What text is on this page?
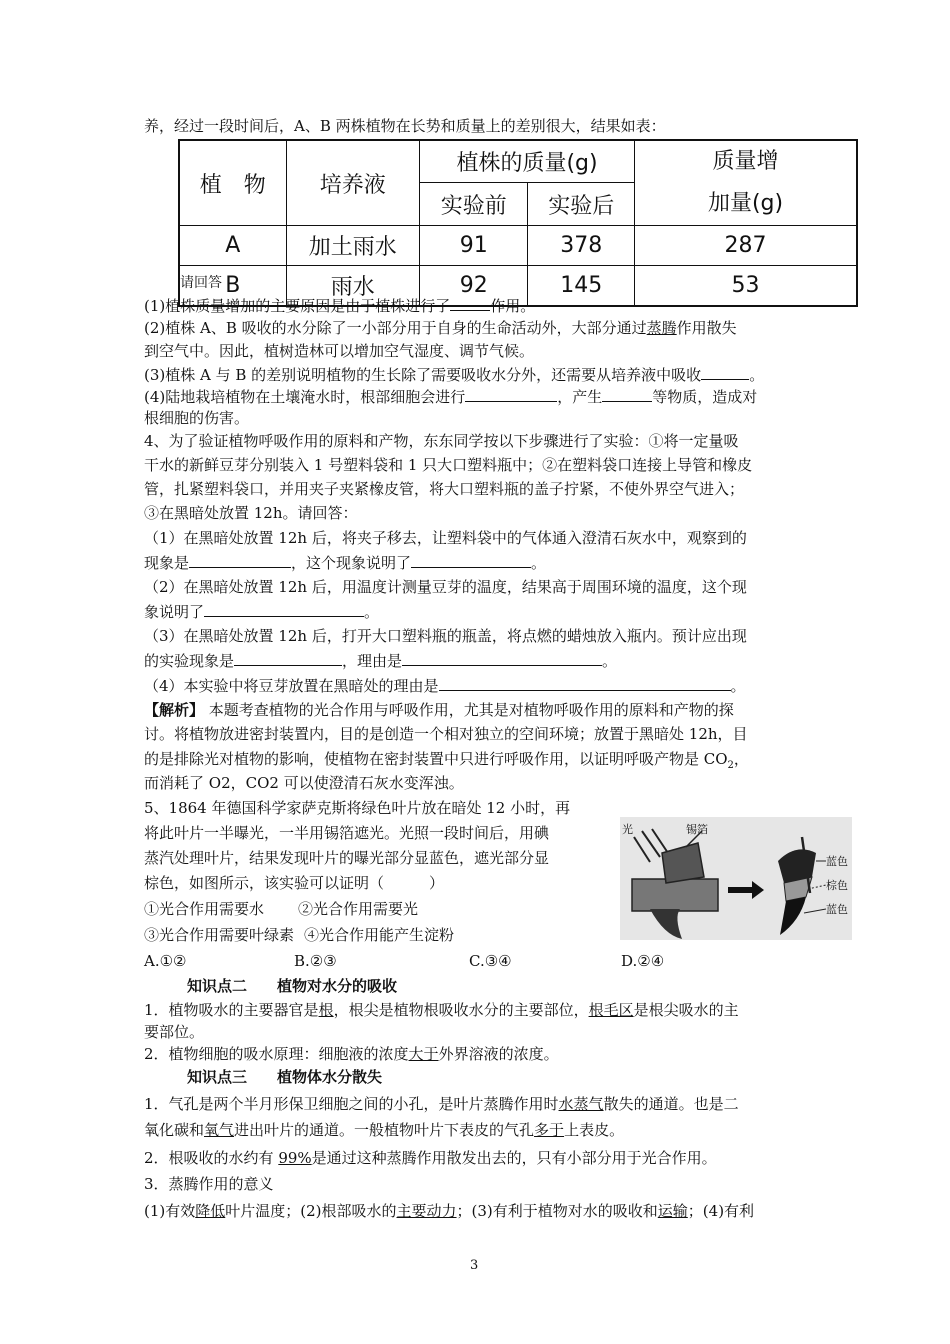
养，经过一段时间后，A、B 两株植物在长势和质量上的差别很大，结果如表：
植　物	培养液	植株的质量(g)		质量增
加量(g)

		实验前	实验后	
A	加土雨水	91	378	287
B	雨水	92	145	53
请回答
(1)植株质量增加的主要原因是由于植株进行了	作用。
(2)植株 A、B 吸收的水分除了一小部分用于自身的生命活动外，大部分通过蒸腾作用散失
到空气中。因此，植树造林可以增加空气湿度、调节气候。
(3)植株 A 与 B 的差别说明植物的生长除了需要吸收水分外，还需要从培养液中吸收	。
(4)陆地栽培植物在土壤淹水时，根部细胞会进行	，产生	等物质，造成对
根细胞的伤害。
4、为了验证植物呼吸作用的原料和产物，东东同学按以下步骤进行了实验：①将一定量吸
干水的新鲜豆芽分别装入 1 号塑料袋和 1 只大口塑料瓶中；②在塑料袋口连接上导管和橡皮
管，扎紧塑料袋口，并用夹子夹紧橡皮管，将大口塑料瓶的盖子拧紧，不使外界空气进入；
③在黑暗处放置 12h。请回答：
（1）在黑暗处放置 12h 后，将夹子移去，让塑料袋中的气体通入澄清石灰水中，观察到的
现象是	，这个现象说明了	。
（2）在黑暗处放置 12h 后，用温度计测量豆芽的温度，结果高于周围环境的温度，这个现
象说明了	。
（3）在黑暗处放置 12h 后，打开大口塑料瓶的瓶盖，将点燃的蜡烛放入瓶内。预计应出现
的实验现象是	，理由是	。
（4）本实验中将豆芽放置在黑暗处的理由是	。
【解析】 本题考查植物的光合作用与呼吸作用，尤其是对植物呼吸作用的原料和产物的探
讨。将植物放进密封装置内，目的是创造一个相对独立的空间环境；放置于黑暗处 12h，目
的是排除光对植物的影响，使植物在密封装置中只进行呼吸作用，以证明呼吸产物是 $CO_2$，
而消耗了 O2，CO2 可以使澄清石灰水变浑浊。
5、1864 年德国科学家萨克斯将绿色叶片放在暗处 12 小时，再
将此叶片一半曝光，一半用锡箔遮光。光照一段时间后，用碘
蒸汽处理叶片，结果发现叶片的曝光部分显蓝色，遮光部分显
棕色，如图所示，该实验可以证明（　　　）
①光合作用需要水 ②光合作用需要光
③光合作用需要叶绿素 ④光合作用能产生淀粉
A.①②	B.②③	C.③④	D.②④
光	锡箔
蓝色
棕色
蓝色
知识点二　　植物对水分的吸收
1．植物吸水的主要器官是根，根尖是植物根吸收水分的主要部位，根毛区是根尖吸水的主
要部位。
2．植物细胞的吸水原理：细胞液的浓度大于外界溶液的浓度。
知识点三　　植物体水分散失
1．气孔是两个半月形保卫细胞之间的小孔，是叶片蒸腾作用时水蒸气散失的通道。也是二
氧化碳和氧气进出叶片的通道。一般植物叶片下表皮的气孔多于上表皮。
2．根吸收的水约有 99%是通过这种蒸腾作用散发出去的，只有小部分用于光合作用。
3．蒸腾作用的意义
(1)有效降低叶片温度；(2)根部吸水的主要动力；(3)有利于植物对水的吸收和运输；(4)有利
3
